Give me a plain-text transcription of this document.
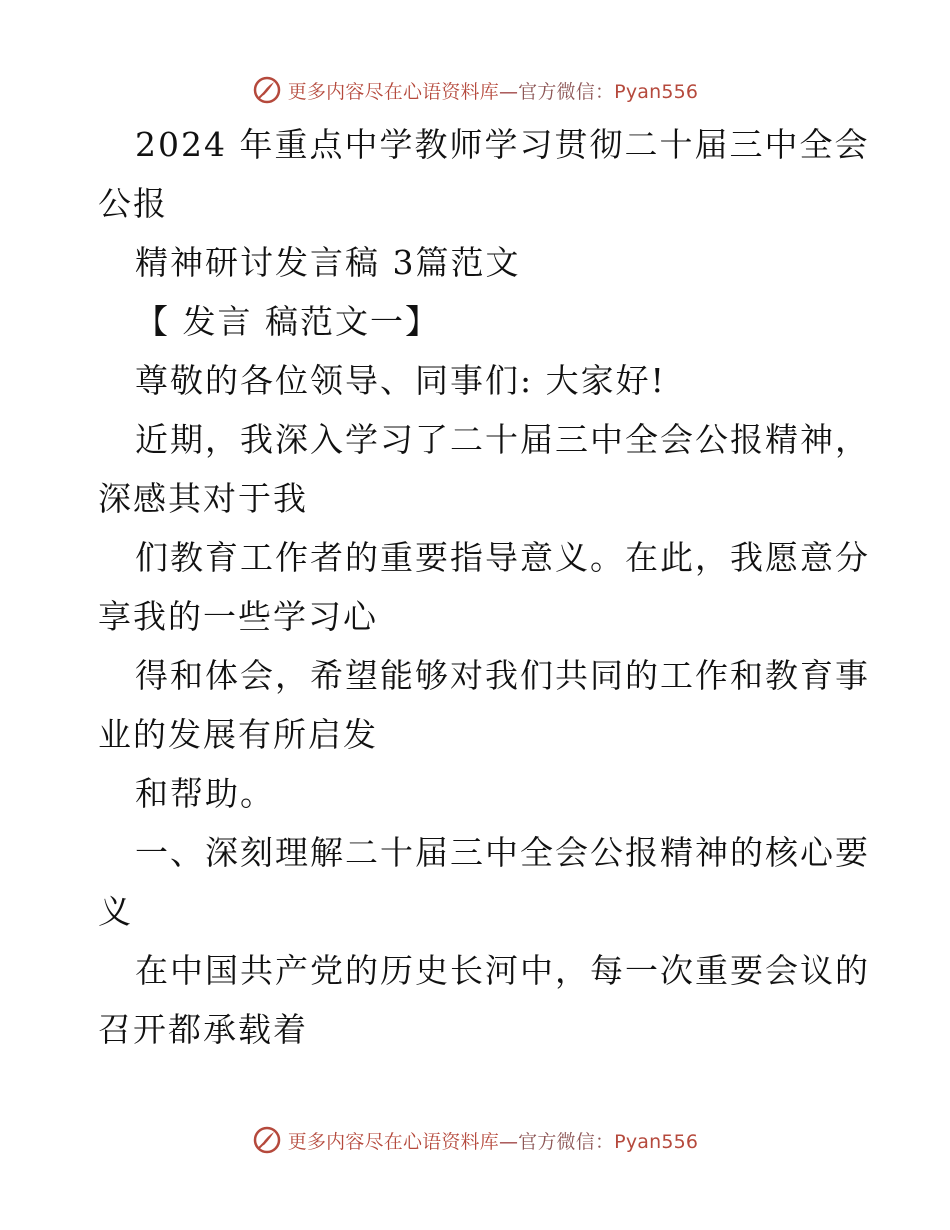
更多内容尽在心语资料库—官方微信：Pyan556
2024 年重点中学教师学习贯彻二十届三中全会
公报
精神研讨发言稿 3篇范文
【 发言 稿范文一】
尊敬的各位领导、同事们: 大家好!
近期，我深入学习了二十届三中全会公报精神，
深感其对于我
们教育工作者的重要指导意义。在此，我愿意分
享我的一些学习心
得和体会，希望能够对我们共同的工作和教育事
业的发展有所启发
和帮助。
一、深刻理解二十届三中全会公报精神的核心要
义
在中国共产党的历史长河中，每一次重要会议的
召开都承载着
更多内容尽在心语资料库—官方微信：Pyan556
